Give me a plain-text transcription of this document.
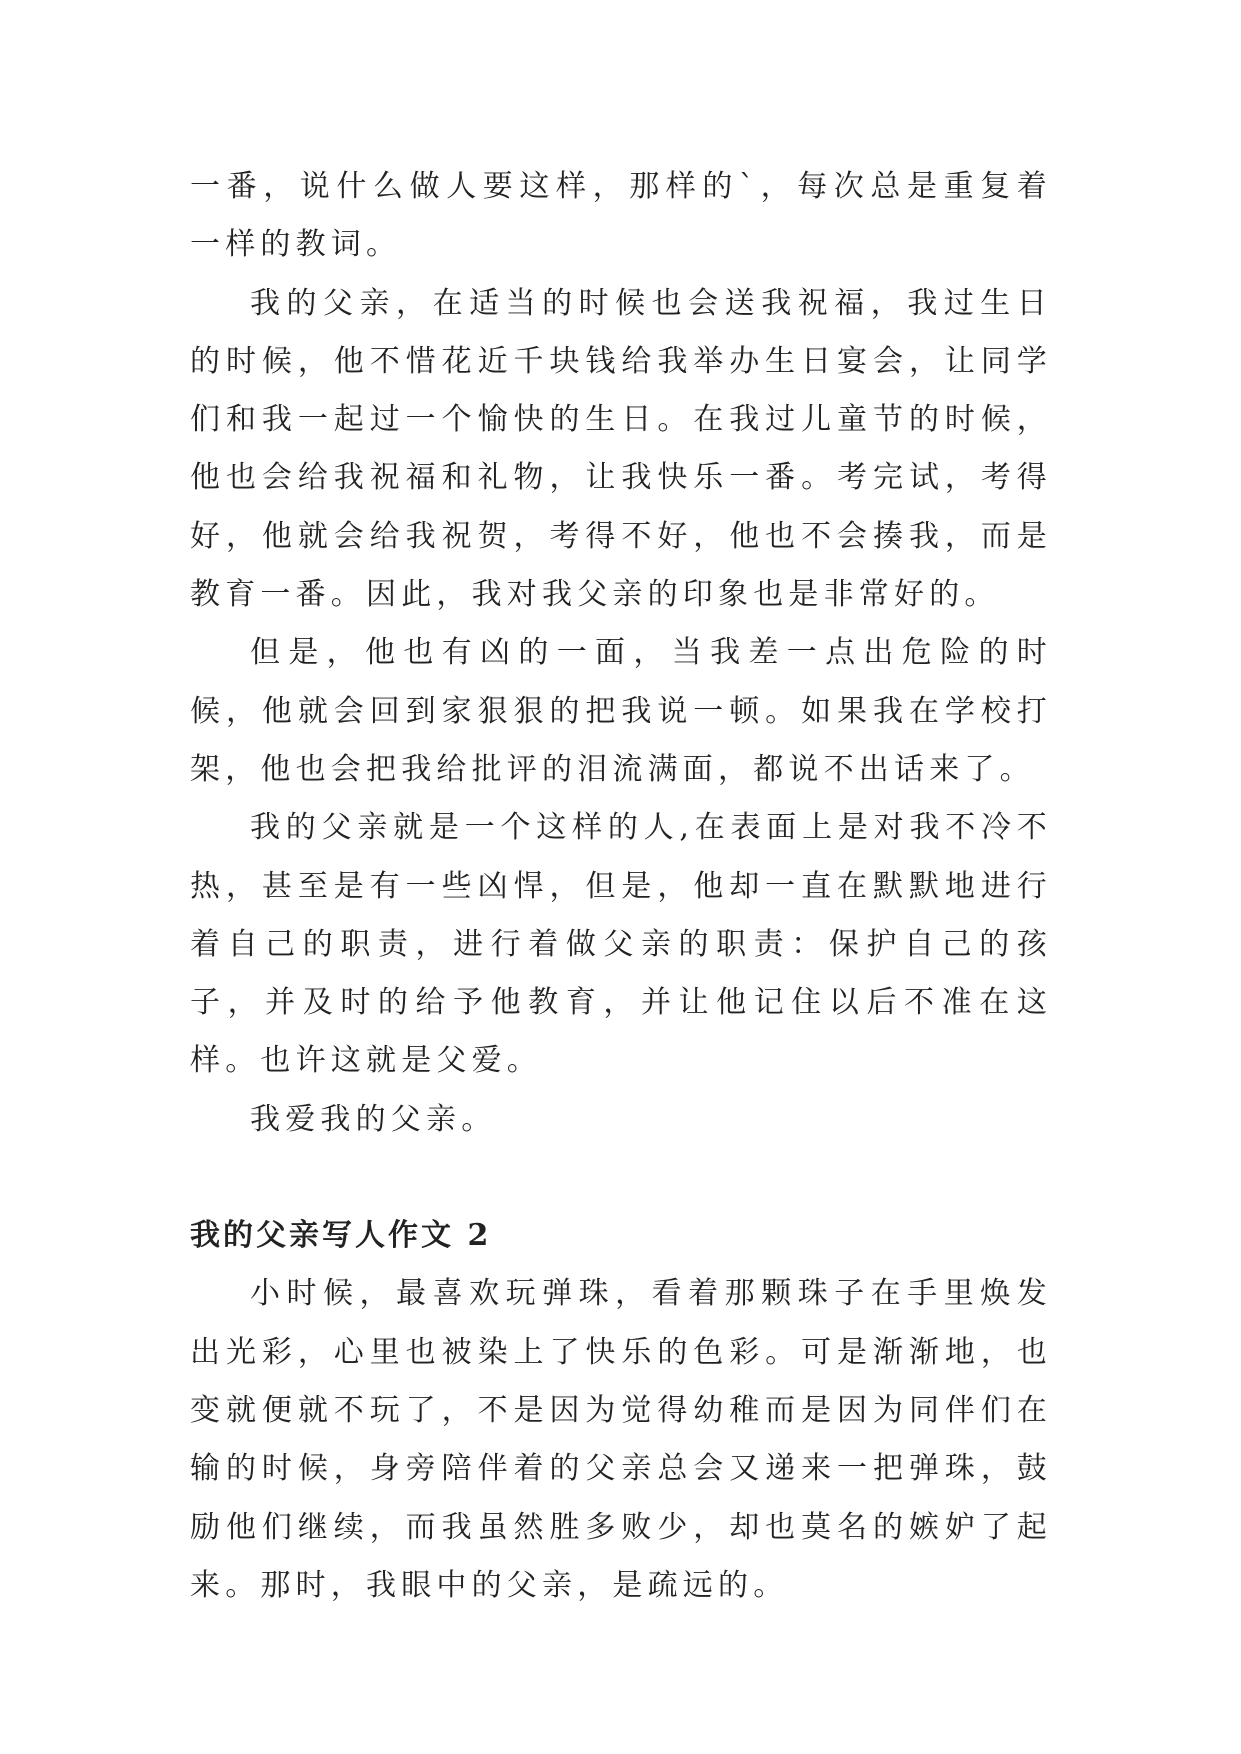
一番，说什么做人要这样，那样的`，每次总是重复着一样的教词。

我的父亲，在适当的时候也会送我祝福，我过生日的时候，他不惜花近千块钱给我举办生日宴会，让同学们和我一起过一个愉快的生日。在我过儿童节的时候，他也会给我祝福和礼物，让我快乐一番。考完试，考得好，他就会给我祝贺，考得不好，他也不会揍我，而是教育一番。因此，我对我父亲的印象也是非常好的。

但是，他也有凶的一面，当我差一点出危险的时候，他就会回到家狠狠的把我说一顿。如果我在学校打架，他也会把我给批评的泪流满面，都说不出话来了。

我的父亲就是一个这样的人,在表面上是对我不冷不热，甚至是有一些凶悍，但是，他却一直在默默地进行着自己的职责，进行着做父亲的职责：保护自己的孩子，并及时的给予他教育，并让他记住以后不准在这样。也许这就是父爱。

我爱我的父亲。

我的父亲写人作文 2

小时候，最喜欢玩弹珠，看着那颗珠子在手里焕发出光彩，心里也被染上了快乐的色彩。可是渐渐地，也变就便就不玩了，不是因为觉得幼稚而是因为同伴们在输的时候，身旁陪伴着的父亲总会又递来一把弹珠，鼓励他们继续，而我虽然胜多败少，却也莫名的嫉妒了起来。那时，我眼中的父亲，是疏远的。
